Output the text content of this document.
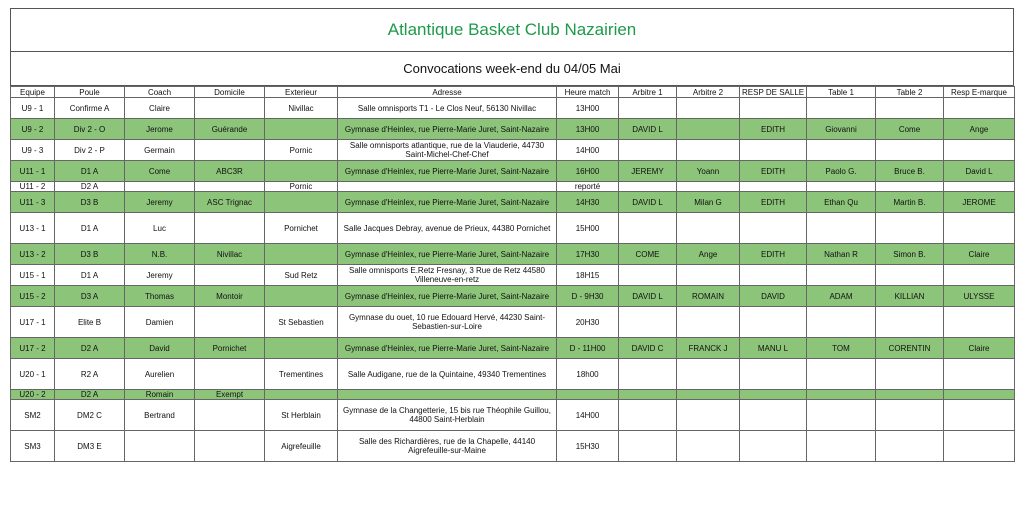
Atlantique Basket Club Nazairien
Convocations week-end du 04/05 Mai
Equipe	Poule	Coach	Domicile	Exterieur	Adresse	Heure match	Arbitre 1	Arbitre 2	RESP DE SALLE	Table 1	Table 2	Resp E-marque
U9 - 1	Confirme A	Claire		Nivillac	Salle omnisports T1 - Le Clos Neuf, 56130 Nivillac	13H00						
U9 - 2	Div 2 - O	Jerome	Guérande		Gymnase d'Heinlex, rue Pierre-Marie Juret, Saint-Nazaire	13H00	DAVID L		EDITH	Giovanni	Come	Ange
U9 - 3	Div 2 - P	Germain		Pornic	Salle omnisports atlantique, rue de la Viauderie, 44730 Saint-Michel-Chef-Chef	14H00						
U11 - 1	D1 A	Come	ABC3R		Gymnase d'Heinlex, rue Pierre-Marie Juret, Saint-Nazaire	16H00	JEREMY	Yoann	EDITH	Paolo G.	Bruce B.	David L
U11 - 2	D2 A			Pornic		reporté						
U11 - 3	D3 B	Jeremy	ASC Trignac		Gymnase d'Heinlex, rue Pierre-Marie Juret, Saint-Nazaire	14H30	DAVID L	Milan G	EDITH	Ethan Qu	Martin B.	JEROME
U13 - 1	D1 A	Luc		Pornichet	Salle Jacques Debray, avenue de Prieux, 44380 Pornichet	15H00						
U13 - 2	D3 B	N.B.	Nivillac		Gymnase d'Heinlex, rue Pierre-Marie Juret, Saint-Nazaire	17H30	COME	Ange	EDITH	Nathan R	Simon B.	Claire
U15 - 1	D1 A	Jeremy		Sud Retz	Salle omnisports E.Retz Fresnay, 3 Rue de Retz 44580 Villeneuve-en-retz	18H15						
U15 - 2	D3 A	Thomas	Montoir		Gymnase d'Heinlex, rue Pierre-Marie Juret, Saint-Nazaire	D - 9H30	DAVID L	ROMAIN	DAVID	ADAM	KILLIAN	ULYSSE
U17 - 1	Elite B	Damien		St Sebastien	Gymnase du ouet, 10 rue Edouard Hervé, 44230 Saint-Sebastien-sur-Loire	20H30						
U17 - 2	D2 A	David	Pornichet		Gymnase d'Heinlex, rue Pierre-Marie Juret, Saint-Nazaire	D - 11H00	DAVID C	FRANCK J	MANU L	TOM	CORENTIN	Claire
U20 - 1	R2 A	Aurelien		Trementines	Salle Audigane, rue de la Quintaine, 49340 Trementines	18h00						
U20 - 2	D2 A	Romain	Exempt									
SM2	DM2 C	Bertrand		St Herblain	Gymnase de la Changetterie, 15 bis rue Théophile Guillou, 44800 Saint-Herblain	14H00						
SM3	DM3 E			Aigrefeuille	Salle des Richardières, rue de la Chapelle, 44140 Aigrefeuille-sur-Maine	15H30						
